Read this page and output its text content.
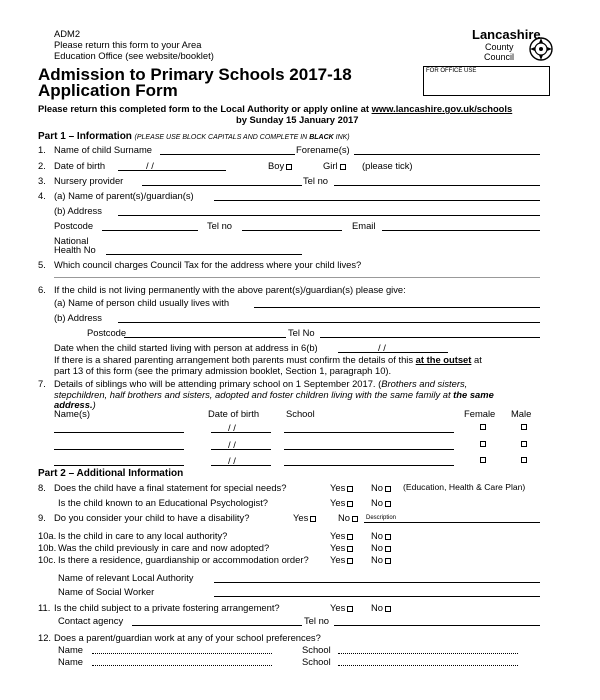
ADM2
Please return this form to your Area
Education Office (see website/booklet)
Lancashire
County
Council
Admission to Primary Schools 2017-18
Application Form
FOR OFFICE USE
Please return this completed form to the Local Authority or apply online at www.lancashire.gov.uk/schools
by Sunday 15 January 2017
Part 1 – Information (PLEASE USE BLOCK CAPITALS AND COMPLETE IN BLACK INK)
1. Name of child Surname	Forename(s)
2. Date of birth	/ /	Boy	Girl	(please tick)
3. Nursery provider	Tel no
4. (a) Name of parent(s)/guardian(s)
(b) Address
Postcode	Tel no	Email
National
Health No
5. Which council charges Council Tax for the address where your child lives?
6. If the child is not living permanently with the above parent(s)/guardian(s) please give:
(a) Name of person child usually lives with
(b) Address
Postcode	Tel No
Date when the child started living with person at address in 6(b)	/ /
If there is a shared parenting arrangement both parents must confirm the details of this at the outset at
part 13 of this form (see the primary admission booklet, Section 1, paragraph 10).
7. Details of siblings who will be attending primary school on 1 September 2017. (Brothers and sisters,
stepchildren, half brothers and sisters, adopted and foster children living with the same family at the same
address.)
Name(s)	Date of birth	School	Female Male
/ /
/ /
/ /
Part 2 – Additional Information
8. Does the child have a final statement for special needs?	Yes	No	(Education, Health & Care Plan)
Is the child known to an Educational Psychologist?	Yes	No
9. Do you consider your child to have a disability?	Yes	No	Description
10a. Is the child in care to any local authority?	Yes	No
10b. Was the child previously in care and now adopted?	Yes	No
10c. Is there a residence, guardianship or accommodation order? Yes	No
Name of relevant Local Authority
Name of Social Worker
11. Is the child subject to a private fostering arrangement?	Yes	No
Contact agency	Tel no
12. Does a parent/guardian work at any of your school preferences?
Name	School
Name	School
